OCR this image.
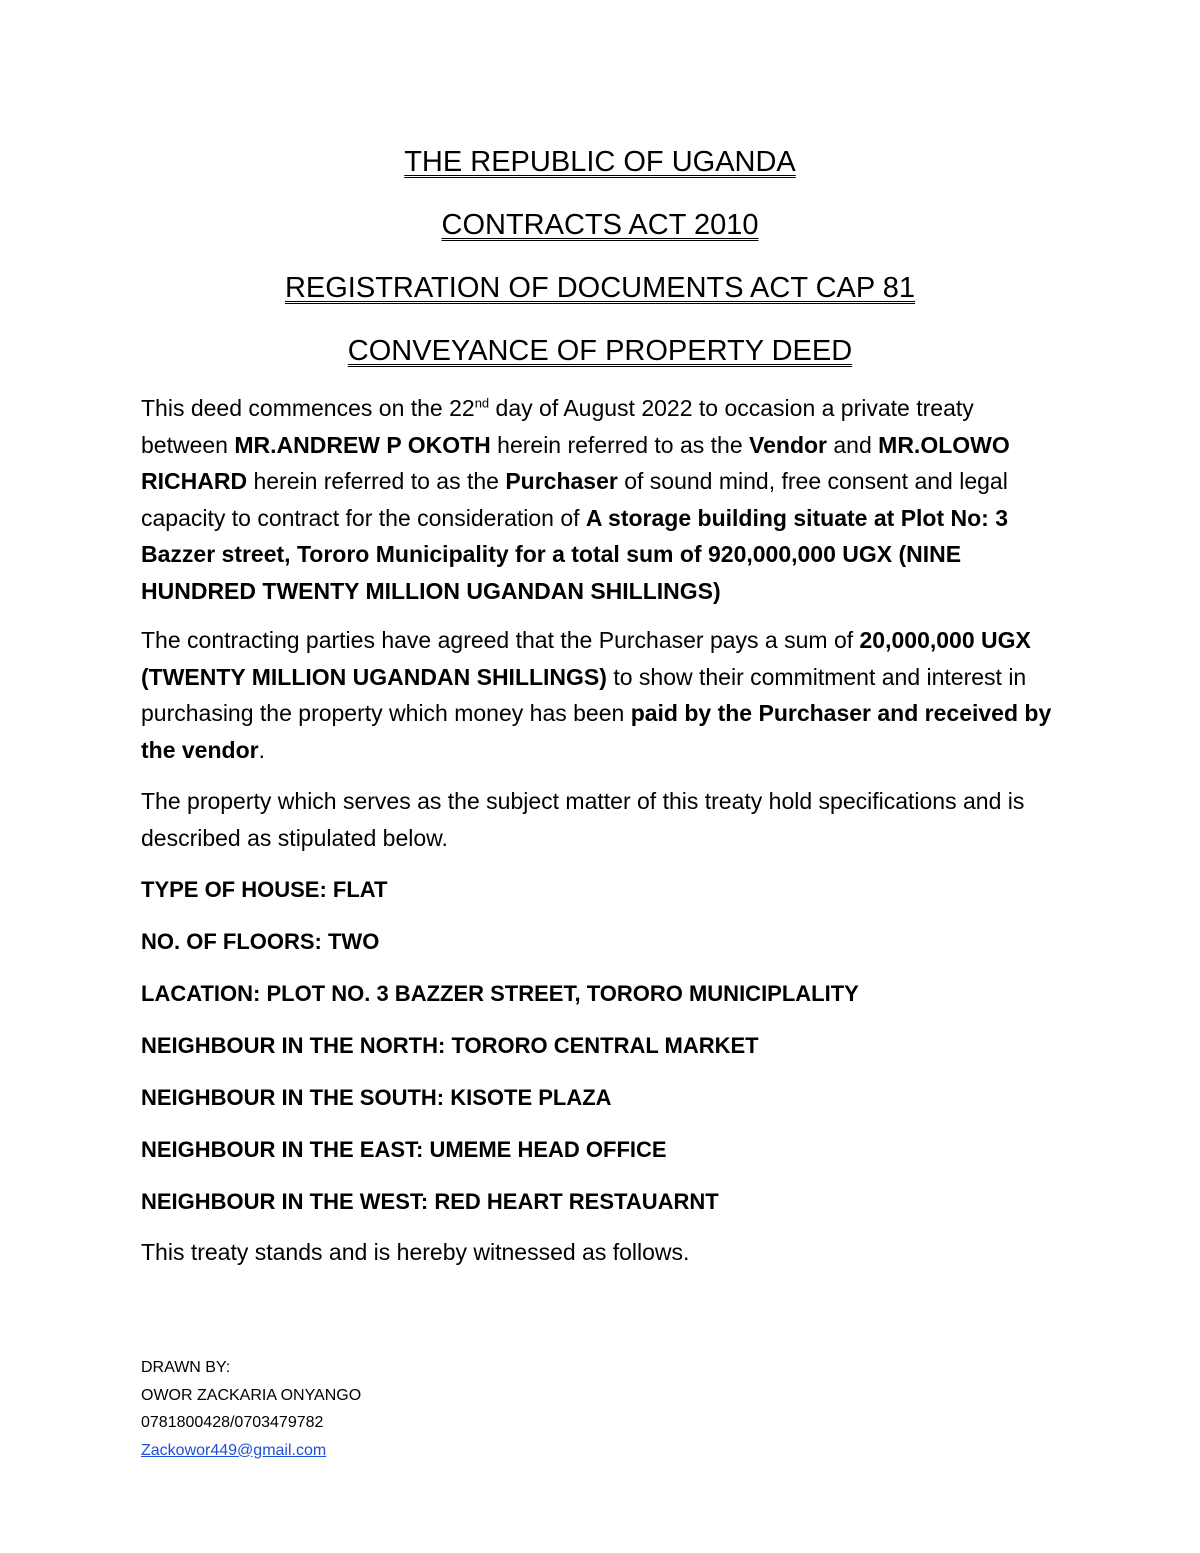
THE REPUBLIC OF UGANDA
CONTRACTS ACT 2010
REGISTRATION OF DOCUMENTS ACT CAP 81
CONVEYANCE OF PROPERTY DEED

This deed commences on the 22nd day of August 2022 to occasion a private treaty between MR.ANDREW P OKOTH herein referred to as the Vendor and MR.OLOWO RICHARD herein referred to as the Purchaser of sound mind, free consent and legal capacity to contract for the consideration of A storage building situate at Plot No: 3 Bazzer street, Tororo Municipality for a total sum of 920,000,000 UGX (NINE HUNDRED TWENTY MILLION UGANDAN SHILLINGS)

The contracting parties have agreed that the Purchaser pays a sum of 20,000,000 UGX (TWENTY MILLION UGANDAN SHILLINGS) to show their commitment and interest in purchasing the property which money has been paid by the Purchaser and received by the vendor.

The property which serves as the subject matter of this treaty hold specifications and is described as stipulated below.

TYPE OF HOUSE: FLAT

NO. OF FLOORS: TWO

LACATION: PLOT NO. 3 BAZZER STREET, TORORO MUNICIPLALITY

NEIGHBOUR IN THE NORTH: TORORO CENTRAL MARKET

NEIGHBOUR IN THE SOUTH: KISOTE PLAZA

NEIGHBOUR IN THE EAST: UMEME HEAD OFFICE

NEIGHBOUR IN THE WEST: RED HEART RESTAUARNT

This treaty stands and is hereby witnessed as follows.

DRAWN BY:
OWOR ZACKARIA ONYANGO
0781800428/0703479782
Zackowor449@gmail.com
